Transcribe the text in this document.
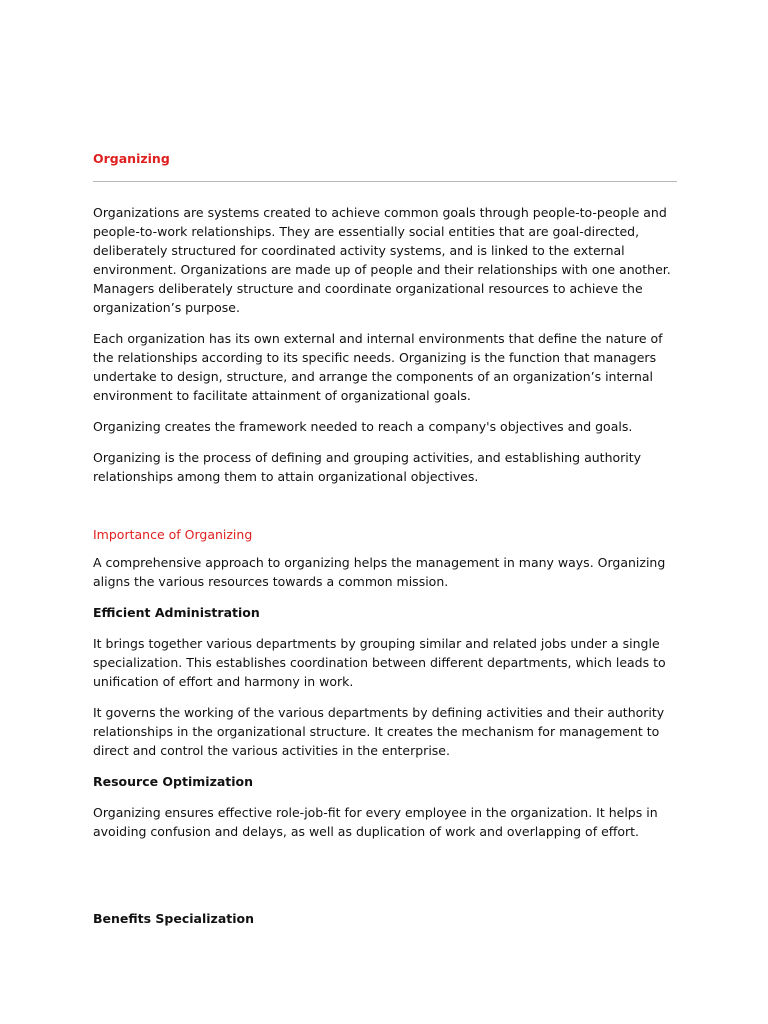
Organizing

Organizations are systems created to achieve common goals through people-to-people and people-to-work relationships. They are essentially social entities that are goal-directed, deliberately structured for coordinated activity systems, and is linked to the external environment. Organizations are made up of people and their relationships with one another. Managers deliberately structure and coordinate organizational resources to achieve the organization’s purpose.

Each organization has its own external and internal environments that define the nature of the relationships according to its specific needs. Organizing is the function that managers undertake to design, structure, and arrange the components of an organization’s internal environment to facilitate attainment of organizational goals.

Organizing creates the framework needed to reach a company's objectives and goals.

Organizing is the process of defining and grouping activities, and establishing authority relationships among them to attain organizational objectives.

Importance of Organizing

A comprehensive approach to organizing helps the management in many ways. Organizing aligns the various resources towards a common mission.

Efficient Administration

It brings together various departments by grouping similar and related jobs under a single specialization. This establishes coordination between different departments, which leads to unification of effort and harmony in work.

It governs the working of the various departments by defining activities and their authority relationships in the organizational structure. It creates the mechanism for management to direct and control the various activities in the enterprise.

Resource Optimization

Organizing ensures effective role-job-fit for every employee in the organization. It helps in avoiding confusion and delays, as well as duplication of work and overlapping of effort.

Benefits Specialization
